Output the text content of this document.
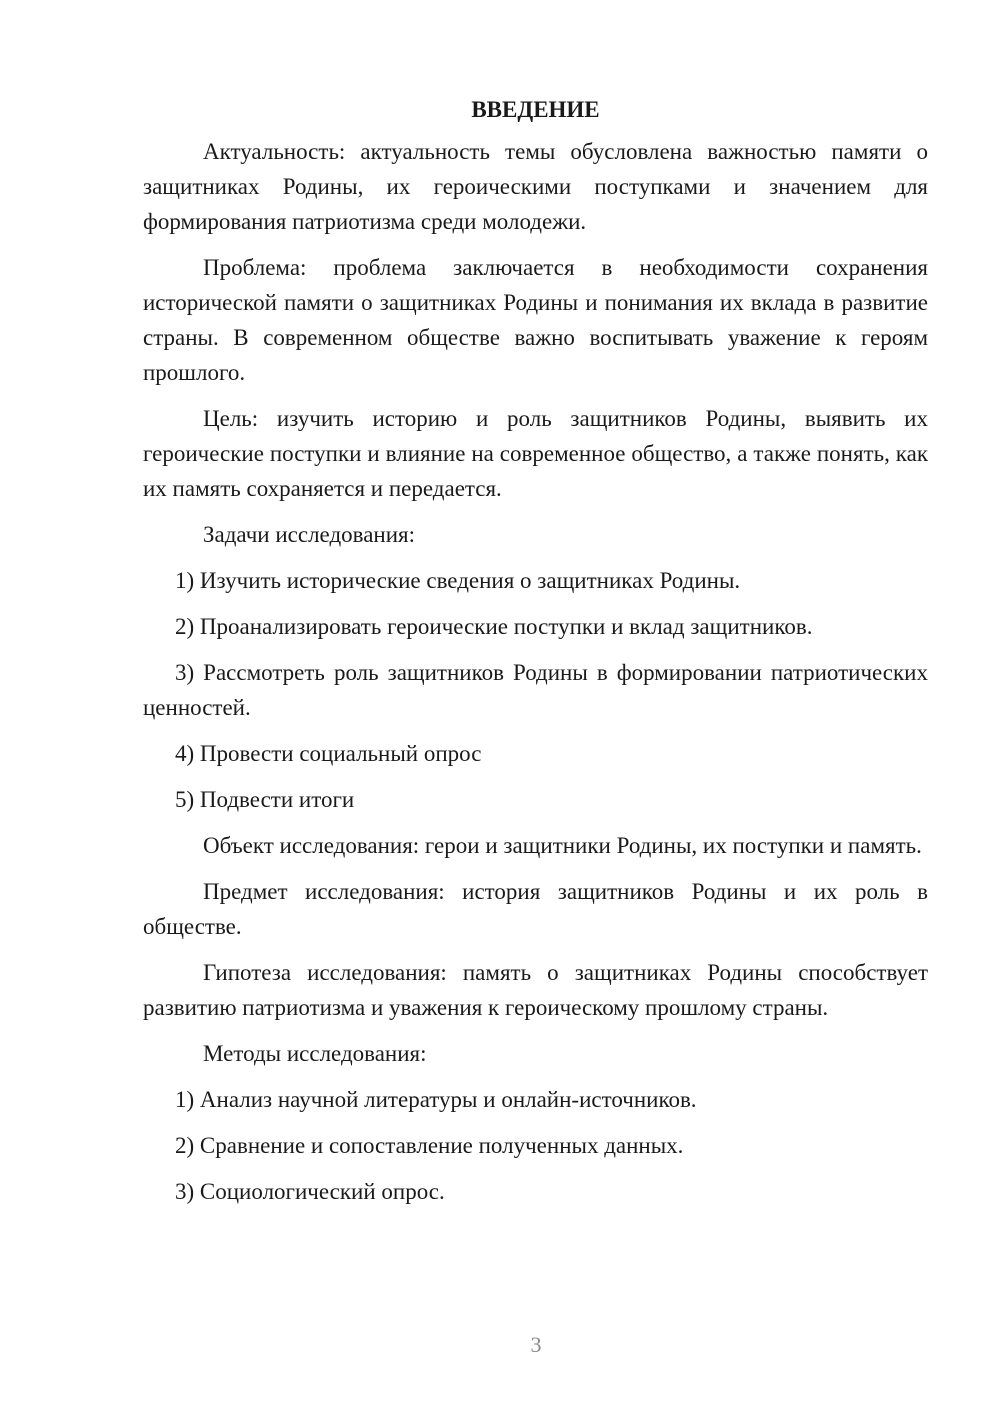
ВВЕДЕНИЕ

Актуальность: актуальность темы обусловлена важностью памяти о защитниках Родины, их героическими поступками и значением для формирования патриотизма среди молодежи.

Проблема: проблема заключается в необходимости сохранения исторической памяти о защитниках Родины и понимания их вклада в развитие страны. В современном обществе важно воспитывать уважение к героям прошлого.

Цель: изучить историю и роль защитников Родины, выявить их героические поступки и влияние на современное общество, а также понять, как их память сохраняется и передается.

Задачи исследования:

1) Изучить исторические сведения о защитниках Родины.

2) Проанализировать героические поступки и вклад защитников.

3) Рассмотреть роль защитников Родины в формировании патриотических ценностей.

4) Провести социальный опрос

5) Подвести итоги

Объект исследования: герои и защитники Родины, их поступки и память.

Предмет исследования: история защитников Родины и их роль в обществе.

Гипотеза исследования: память о защитниках Родины способствует развитию патриотизма и уважения к героическому прошлому страны.

Методы исследования:

1) Анализ научной литературы и онлайн-источников.

2) Сравнение и сопоставление полученных данных.

3) Социологический опрос.

3
